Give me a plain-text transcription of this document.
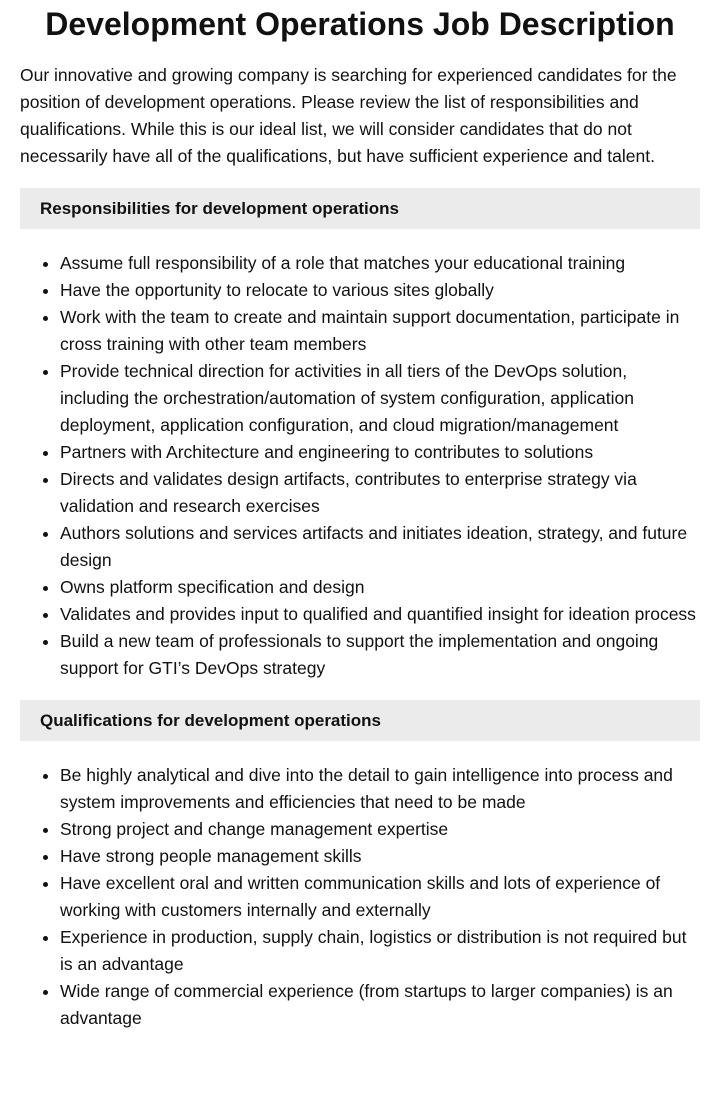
Development Operations Job Description

Our innovative and growing company is searching for experienced candidates for the position of development operations. Please review the list of responsibilities and qualifications. While this is our ideal list, we will consider candidates that do not necessarily have all of the qualifications, but have sufficient experience and talent.

Responsibilities for development operations
• Assume full responsibility of a role that matches your educational training
• Have the opportunity to relocate to various sites globally
• Work with the team to create and maintain support documentation, participate in cross training with other team members
• Provide technical direction for activities in all tiers of the DevOps solution, including the orchestration/automation of system configuration, application deployment, application configuration, and cloud migration/management
• Partners with Architecture and engineering to contributes to solutions
• Directs and validates design artifacts, contributes to enterprise strategy via validation and research exercises
• Authors solutions and services artifacts and initiates ideation, strategy, and future design
• Owns platform specification and design
• Validates and provides input to qualified and quantified insight for ideation process
• Build a new team of professionals to support the implementation and ongoing support for GTI’s DevOps strategy
Qualifications for development operations
• Be highly analytical and dive into the detail to gain intelligence into process and system improvements and efficiencies that need to be made
• Strong project and change management expertise
• Have strong people management skills
• Have excellent oral and written communication skills and lots of experience of working with customers internally and externally
• Experience in production, supply chain, logistics or distribution is not required but is an advantage
• Wide range of commercial experience (from startups to larger companies) is an advantage
